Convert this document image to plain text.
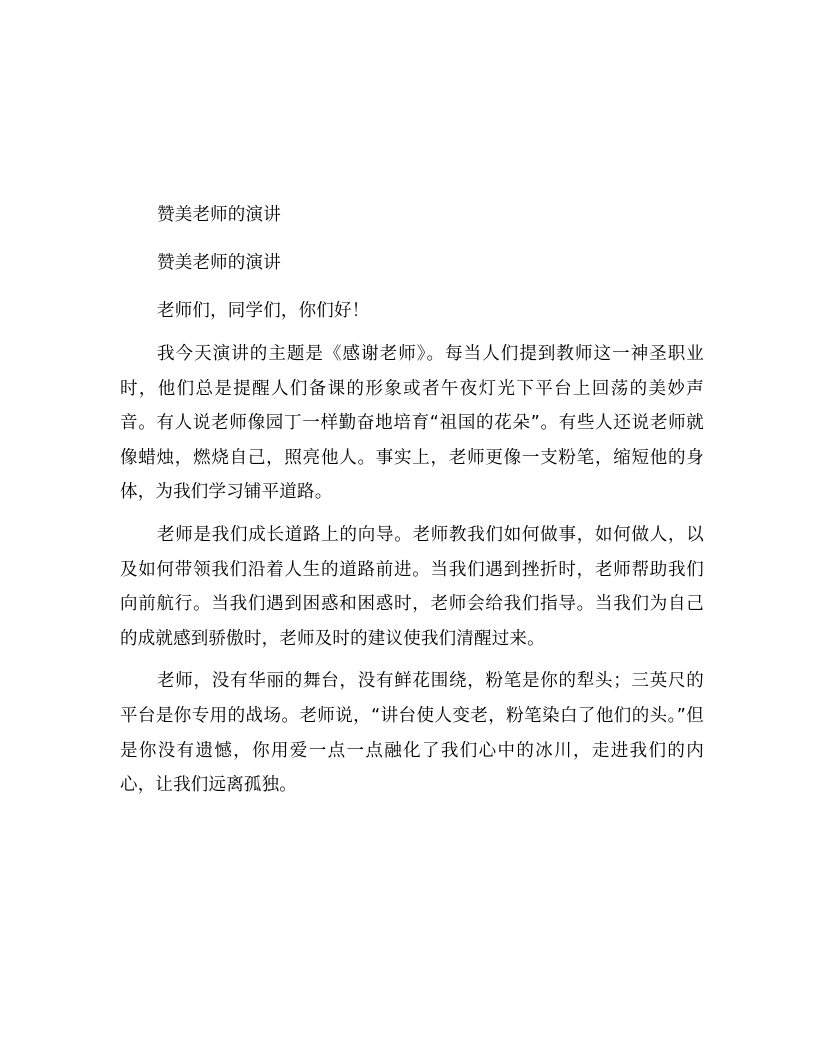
赞美老师的演讲
赞美老师的演讲
老师们，同学们，你们好！

我今天演讲的主题是《感谢老师》。每当人们提到教师这一神圣职业时，他们总是提醒人们备课的形象或者午夜灯光下平台上回荡的美妙声音。有人说老师像园丁一样勤奋地培育“祖国的花朵”。有些人还说老师就像蜡烛，燃烧自己，照亮他人。事实上，老师更像一支粉笔，缩短他的身体，为我们学习铺平道路。

老师是我们成长道路上的向导。老师教我们如何做事，如何做人，以及如何带领我们沿着人生的道路前进。当我们遇到挫折时，老师帮助我们向前航行。当我们遇到困惑和困惑时，老师会给我们指导。当我们为自己的成就感到骄傲时，老师及时的建议使我们清醒过来。

老师，没有华丽的舞台，没有鲜花围绕，粉笔是你的犁头；三英尺的平台是你专用的战场。老师说，“讲台使人变老，粉笔染白了他们的头。”但是你没有遗憾，你用爱一点一点融化了我们心中的冰川，走进我们的内心，让我们远离孤独。
